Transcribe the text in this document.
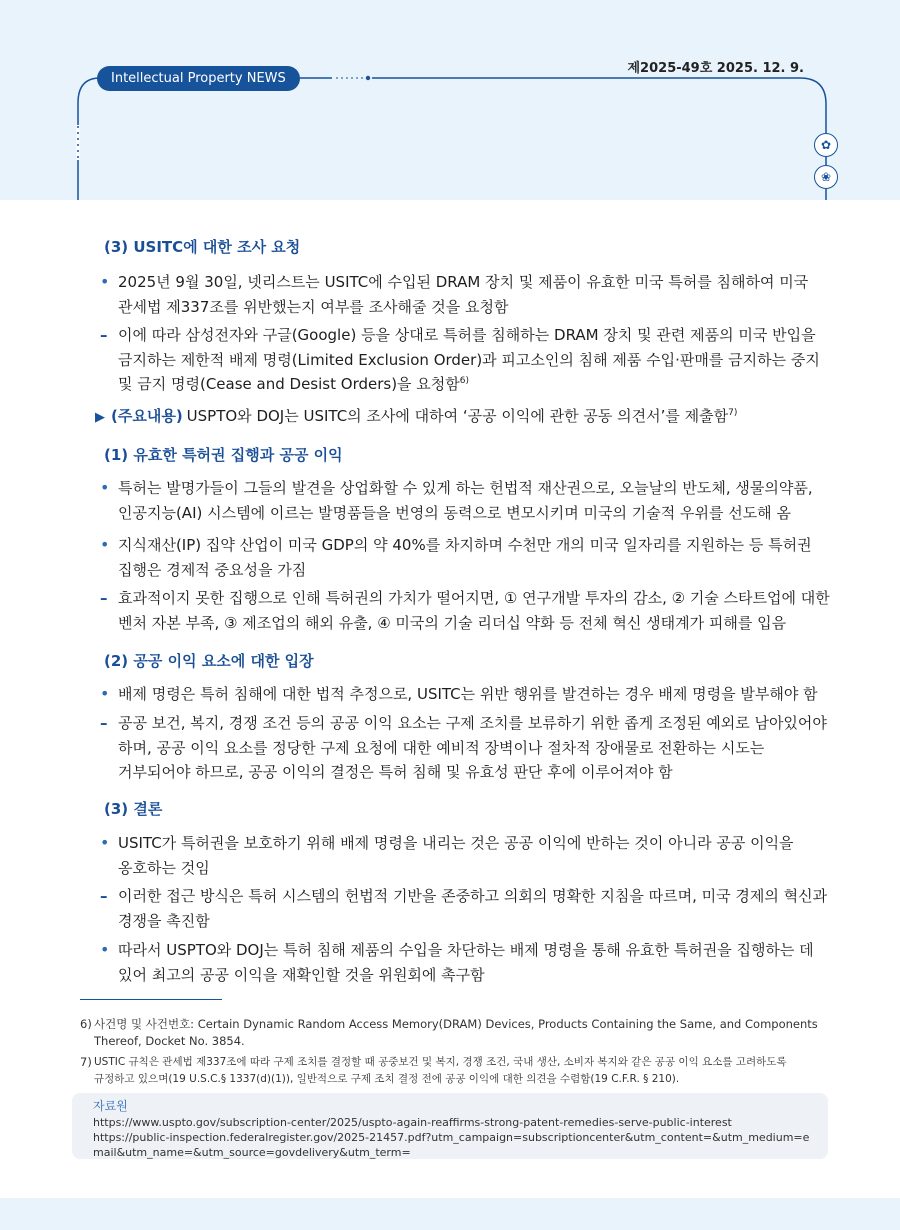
제2025-49호 2025. 12. 9.
Intellectual Property NEWS
✿
❀
(3) USITC에 대한 조사 요청
• 2025년 9월 30일, 넷리스트는 USITC에 수입된 DRAM 장치 및 제품이 유효한 미국 특허를 침해하여 미국
관세법 제337조를 위반했는지 여부를 조사해줄 것을 요청함
– 이에 따라 삼성전자와 구글(Google) 등을 상대로 특허를 침해하는 DRAM 장치 및 관련 제품의 미국 반입을
금지하는 제한적 배제 명령(Limited Exclusion Order)과 피고소인의 침해 제품 수입·판매를 금지하는 중지
및 금지 명령(Cease and Desist Orders)을 요청함$^{6)}$
▶ (주요내용) USPTO와 DOJ는 USITC의 조사에 대하여 ‘공공 이익에 관한 공동 의견서’를 제출함$^{7)}$
(1) 유효한 특허권 집행과 공공 이익
• 특허는 발명가들이 그들의 발견을 상업화할 수 있게 하는 헌법적 재산권으로, 오늘날의 반도체, 생물의약품,
인공지능(AI) 시스템에 이르는 발명품들을 번영의 동력으로 변모시키며 미국의 기술적 우위를 선도해 옴
• 지식재산(IP) 집약 산업이 미국 GDP의 약 40%를 차지하며 수천만 개의 미국 일자리를 지원하는 등 특허권
집행은 경제적 중요성을 가짐
– 효과적이지 못한 집행으로 인해 특허권의 가치가 떨어지면, ① 연구개발 투자의 감소, ② 기술 스타트업에 대한
벤처 자본 부족, ③ 제조업의 해외 유출, ④ 미국의 기술 리더십 약화 등 전체 혁신 생태계가 피해를 입음
(2) 공공 이익 요소에 대한 입장
• 배제 명령은 특허 침해에 대한 법적 추정으로, USITC는 위반 행위를 발견하는 경우 배제 명령을 발부해야 함
– 공공 보건, 복지, 경쟁 조건 등의 공공 이익 요소는 구제 조치를 보류하기 위한 좁게 조정된 예외로 남아있어야
하며, 공공 이익 요소를 정당한 구제 요청에 대한 예비적 장벽이나 절차적 장애물로 전환하는 시도는
거부되어야 하므로, 공공 이익의 결정은 특허 침해 및 유효성 판단 후에 이루어져야 함
(3) 결론
• USITC가 특허권을 보호하기 위해 배제 명령을 내리는 것은 공공 이익에 반하는 것이 아니라 공공 이익을
옹호하는 것임
– 이러한 접근 방식은 특허 시스템의 헌법적 기반을 존중하고 의회의 명확한 지침을 따르며, 미국 경제의 혁신과
경쟁을 촉진함
• 따라서 USPTO와 DOJ는 특허 침해 제품의 수입을 차단하는 배제 명령을 통해 유효한 특허권을 집행하는 데
있어 최고의 공공 이익을 재확인할 것을 위원회에 촉구함
6) 사건명 및 사건번호: Certain Dynamic Random Access Memory(DRAM) Devices, Products Containing the Same, and Components
Thereof, Docket No. 3854.
7) USTIC 규칙은 관세법 제337조에 따라 구제 조치를 결정할 때 공중보건 및 복지, 경쟁 조건, 국내 생산, 소비자 복지와 같은 공공 이익 요소를 고려하도록
규정하고 있으며(19 U.S.C.§ 1337(d)(1)), 일반적으로 구제 조치 결정 전에 공공 이익에 대한 의견을 수렴함(19 C.F.R. § 210).
자료원
https://www.uspto.gov/subscription-center/2025/uspto-again-reaffirms-strong-patent-remedies-serve-public-interest
https://public-inspection.federalregister.gov/2025-21457.pdf?utm_campaign=subscriptioncenter&utm_content=&utm_medium=email&utm_name=&utm_source=govdelivery&utm_term=
